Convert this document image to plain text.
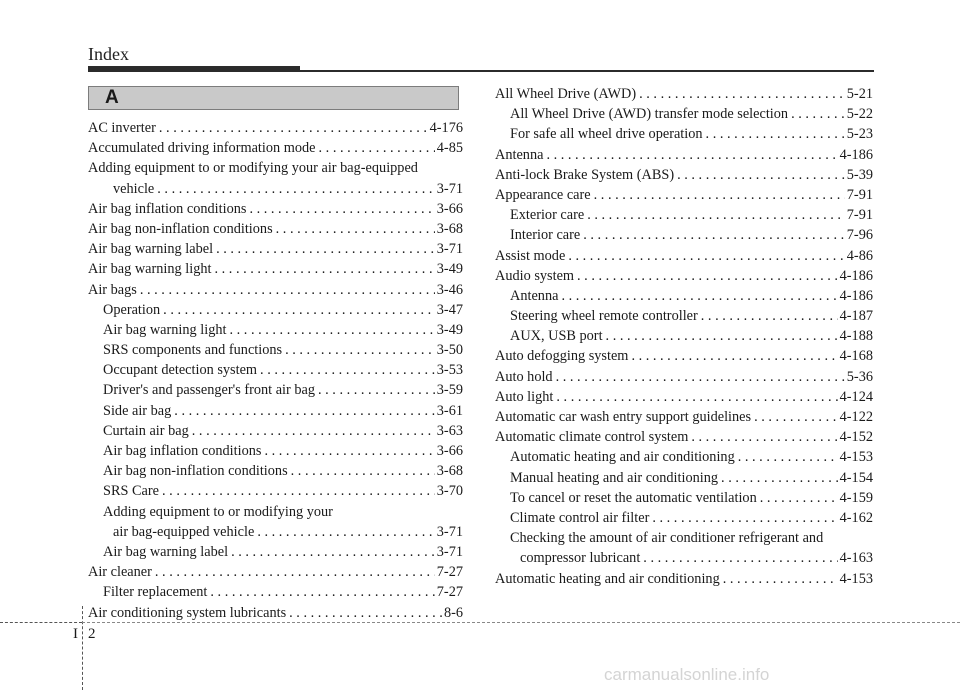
Index
A
AC inverter . . .	4-176
Accumulated driving information mode . . .	4-85
Adding equipment to or modifying your air bag-equipped
vehicle . . .	3-71
Air bag inflation conditions . . .	3-66
Air bag non-inflation conditions . . .	3-68
Air bag warning label . . .	3-71
Air bag warning light . . .	3-49
Air bags . . .	3-46
Operation . . .	3-47
Air bag warning light . . .	3-49
SRS components and functions . . .	3-50
Occupant detection system . . .	3-53
Driver's and passenger's front air bag . . .	3-59
Side air bag . . .	3-61
Curtain air bag . . .	3-63
Air bag inflation conditions . . .	3-66
Air bag non-inflation conditions . . .	3-68
SRS Care . . .	3-70
Adding equipment to or modifying your
air bag-equipped vehicle . . .	3-71
Air bag warning label . . .	3-71
Air cleaner . . .	7-27
Filter replacement . . .	7-27
Air conditioning system lubricants . . .	8-6
All Wheel Drive (AWD) . . .	5-21
All Wheel Drive (AWD) transfer mode selection . . .	5-22
For safe all wheel drive operation . . .	5-23
Antenna . . .	4-186
Anti-lock Brake System (ABS) . . .	5-39
Appearance care . . .	7-91
Exterior care . . .	7-91
Interior care . . .	7-96
Assist mode . . .	4-86
Audio system . . .	4-186
Antenna . . .	4-186
Steering wheel remote controller . . .	4-187
AUX, USB port . . .	4-188
Auto defogging system . . .	4-168
Auto hold . . .	5-36
Auto light . . .	4-124
Automatic car wash entry support guidelines . . .	4-122
Automatic climate control system . . .	4-152
Automatic heating and air conditioning . . .	4-153
Manual heating and air conditioning . . .	4-154
To cancel or reset the automatic ventilation . . .	4-159
Climate control air filter . . .	4-162
Checking the amount of air conditioner refrigerant and
compressor lubricant . . .	4-163
Automatic heating and air conditioning . . .	4-153
I 2
carmanualsonline.info
